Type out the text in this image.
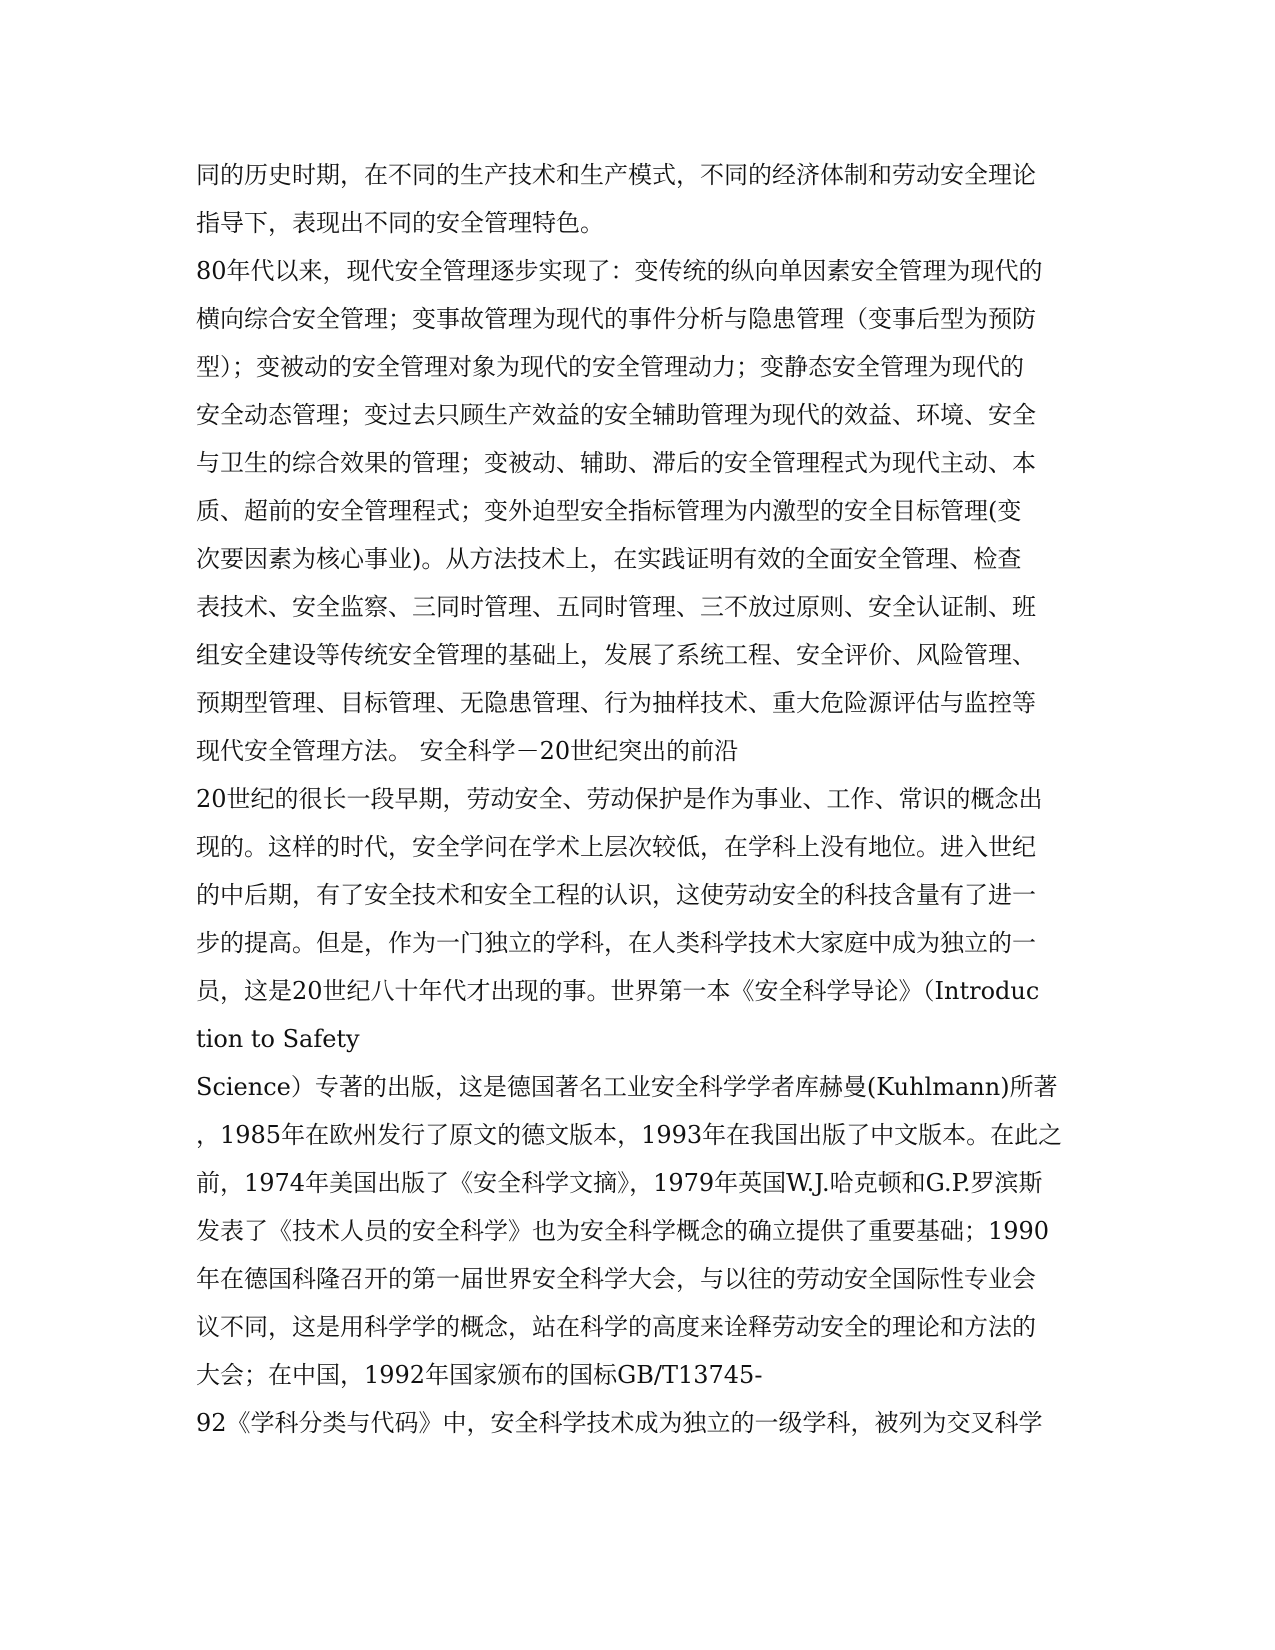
同的历史时期，在不同的生产技术和生产模式，不同的经济体制和劳动安全理论
指导下，表现出不同的安全管理特色。
80年代以来，现代安全管理逐步实现了：变传统的纵向单因素安全管理为现代的
横向综合安全管理；变事故管理为现代的事件分析与隐患管理（变事后型为预防
型）；变被动的安全管理对象为现代的安全管理动力；变静态安全管理为现代的
安全动态管理；变过去只顾生产效益的安全辅助管理为现代的效益、环境、安全
与卫生的综合效果的管理；变被动、辅助、滞后的安全管理程式为现代主动、本
质、超前的安全管理程式；变外迫型安全指标管理为内激型的安全目标管理(变
次要因素为核心事业)。从方法技术上，在实践证明有效的全面安全管理、检查
表技术、安全监察、三同时管理、五同时管理、三不放过原则、安全认证制、班
组安全建设等传统安全管理的基础上，发展了系统工程、安全评价、风险管理、
预期型管理、目标管理、无隐患管理、行为抽样技术、重大危险源评估与监控等
现代安全管理方法。 安全科学－20世纪突出的前沿
20世纪的很长一段早期，劳动安全、劳动保护是作为事业、工作、常识的概念出
现的。这样的时代，安全学问在学术上层次较低，在学科上没有地位。进入世纪
的中后期，有了安全技术和安全工程的认识，这使劳动安全的科技含量有了进一
步的提高。但是，作为一门独立的学科，在人类科学技术大家庭中成为独立的一
员，这是20世纪八十年代才出现的事。世界第一本《安全科学导论》（Introduc
tion to Safety
Science）专著的出版，这是德国著名工业安全科学学者库赫曼(Kuhlmann)所著
，1985年在欧州发行了原文的德文版本，1993年在我国出版了中文版本。在此之
前，1974年美国出版了《安全科学文摘》，1979年英国W.J.哈克顿和G.P.罗滨斯
发表了《技术人员的安全科学》也为安全科学概念的确立提供了重要基础；1990
年在德国科隆召开的第一届世界安全科学大会，与以往的劳动安全国际性专业会
议不同，这是用科学学的概念，站在科学的高度来诠释劳动安全的理论和方法的
大会；在中国，1992年国家颁布的国标GB/T13745-
92《学科分类与代码》中，安全科学技术成为独立的一级学科，被列为交叉科学
